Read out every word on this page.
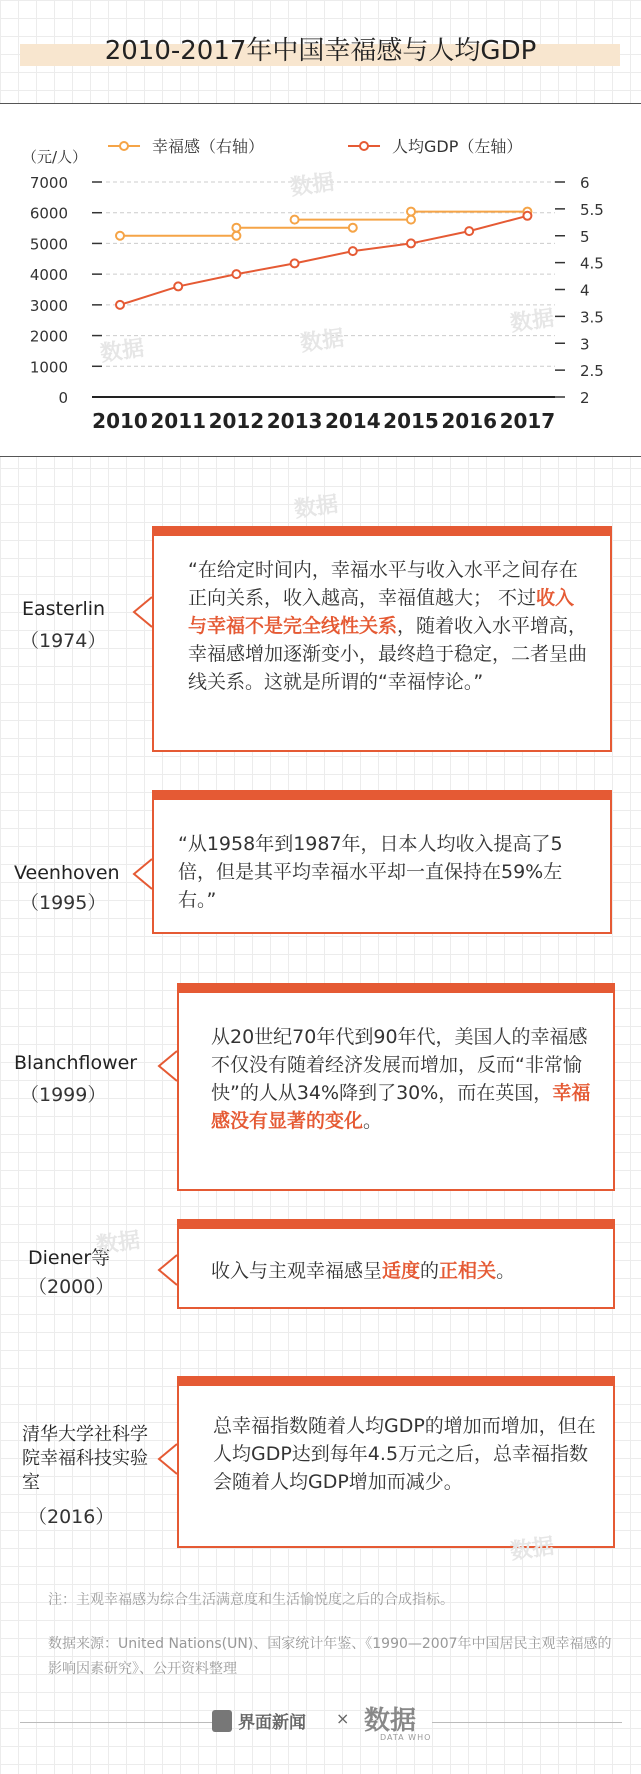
2010-2017年中国幸福感与人均GDP
（元/人）
7000
6000
5000
4000
3000
2000
1000
0
6
5.5
5
4.5
4
3.5
3
2.5
2
2010 2011 2012 2013 2014 2015 2016 2017
幸福感（右轴）	人均GDP（左轴）
Easterlin
（1974）
“在给定时间内，幸福水平与收入水平之间存在正向关系，收入越高，幸福值越大； 不过收入与幸福不是完全线性关系，随着收入水平增高，幸福感增加逐渐变小，最终趋于稳定，二者呈曲线关系。这就是所谓的“幸福悖论。”
Veenhoven
（1995）
“从1958年到1987年，日本人均收入提高了5倍，但是其平均幸福水平却一直保持在59%左右。”
Blanchflower
（1999）
从20世纪70年代到90年代，美国人的幸福感不仅没有随着经济发展而增加，反而“非常愉快”的人从34%降到了30%，而在英国，幸福感没有显著的变化。
Diener等
（2000）
收入与主观幸福感呈适度的正相关。
清华大学社科学院幸福科技实验室
（2016）
总幸福指数随着人均GDP的增加而增加，但在人均GDP达到每年4.5万元之后，总幸福指数会随着人均GDP增加而减少。
注：主观幸福感为综合生活满意度和生活愉悦度之后的合成指标。
数据来源：United Nations(UN)、国家统计年鉴、《1990—2007年中国居民主观幸福感的影响因素研究》、公开资料整理
界面新闻 × 数据
DATA WHO
数据
数据
数据
数据
数据
数据
数据
